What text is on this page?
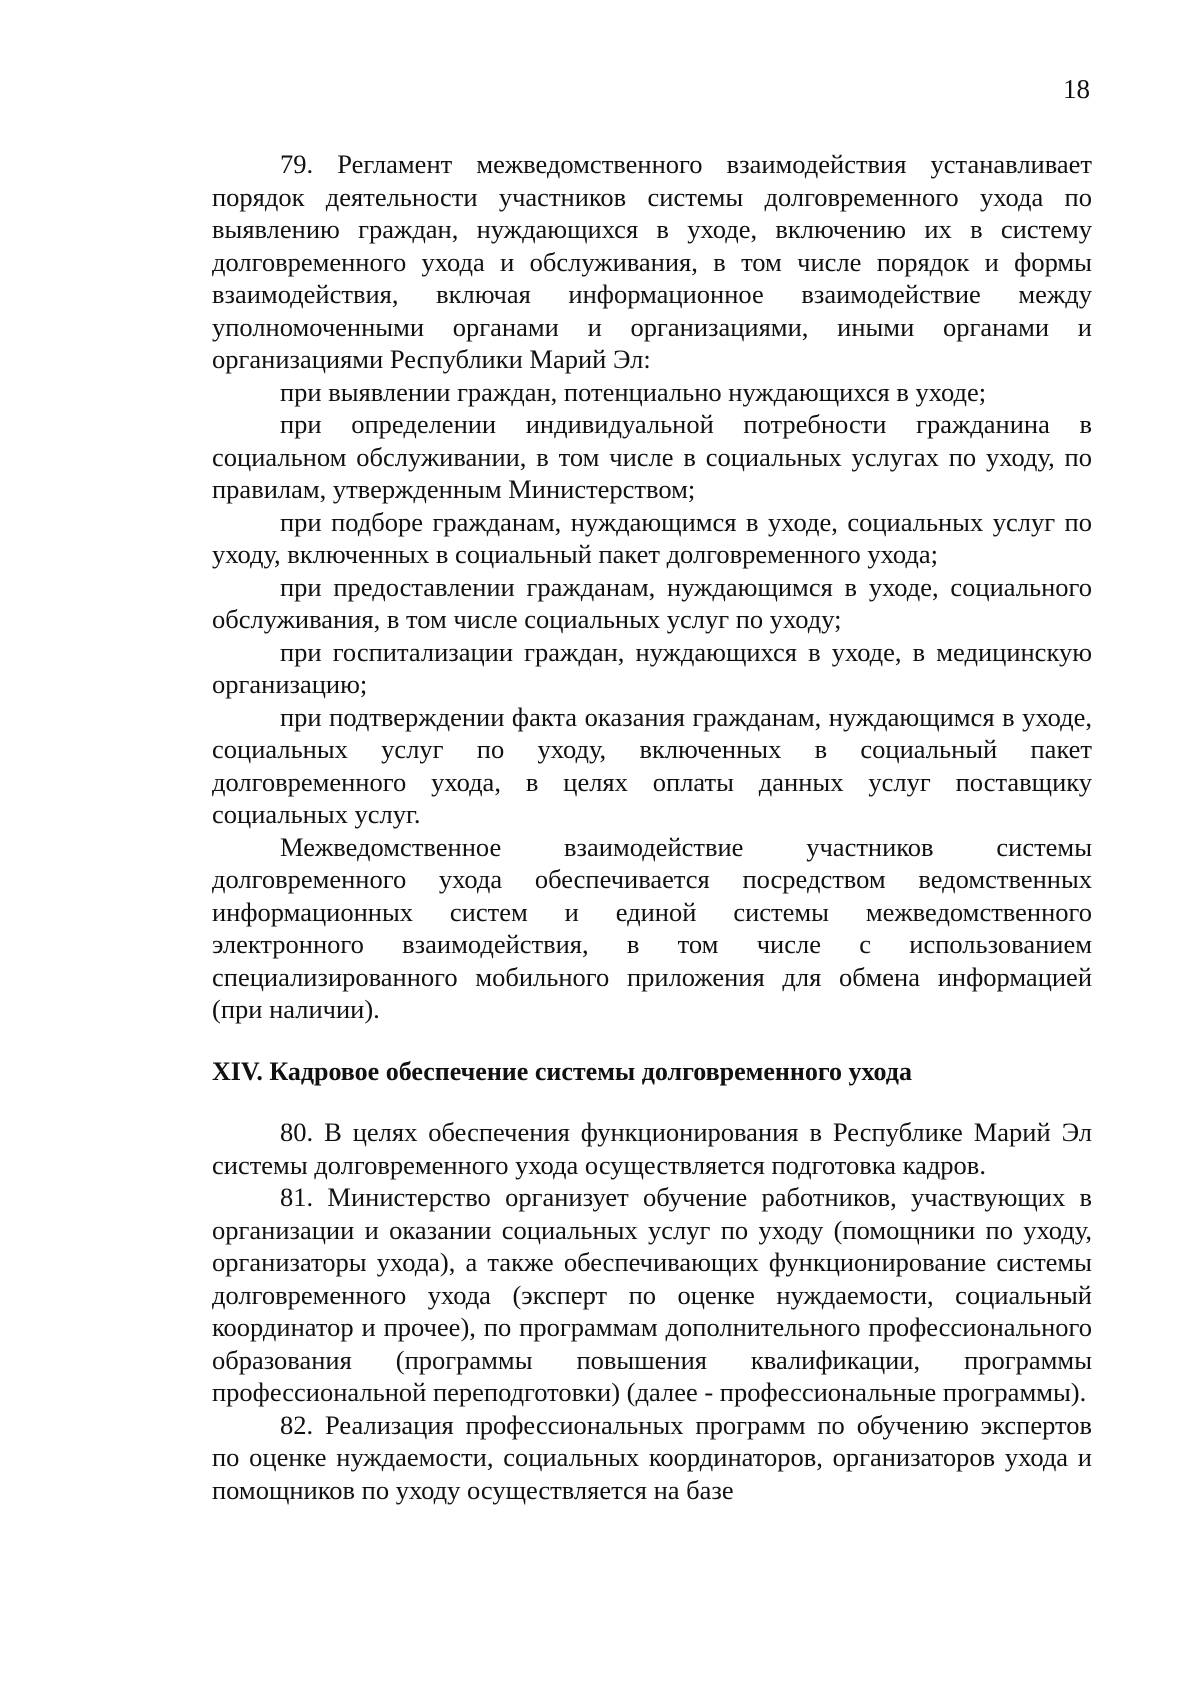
18

79. Регламент межведомственного взаимодействия устанавливает порядок деятельности участников системы долговременного ухода по выявлению граждан, нуждающихся в уходе, включению их в систему долговременного ухода и обслуживания, в том числе порядок и формы взаимодействия, включая информационное взаимодействие между уполномоченными органами и организациями, иными органами и организациями Республики Марий Эл:

при выявлении граждан, потенциально нуждающихся в уходе;

при определении индивидуальной потребности гражданина в социальном обслуживании, в том числе в социальных услугах по уходу, по правилам, утвержденным Министерством;

при подборе гражданам, нуждающимся в уходе, социальных услуг по уходу, включенных в социальный пакет долговременного ухода;

при предоставлении гражданам, нуждающимся в уходе, социального обслуживания, в том числе социальных услуг по уходу;

при госпитализации граждан, нуждающихся в уходе, в медицинскую организацию;

при подтверждении факта оказания гражданам, нуждающимся в уходе, социальных услуг по уходу, включенных в социальный пакет долговременного ухода, в целях оплаты данных услуг поставщику социальных услуг.

Межведомственное взаимодействие участников системы долговременного ухода обеспечивается посредством ведомственных информационных систем и единой системы межведомственного электронного взаимодействия, в том числе с использованием специализированного мобильного приложения для обмена информацией (при наличии).

XIV. Кадровое обеспечение системы долговременного ухода

80. В целях обеспечения функционирования в Республике Марий Эл системы долговременного ухода осуществляется подготовка кадров.

81. Министерство организует обучение работников, участвующих в организации и оказании социальных услуг по уходу (помощники по уходу, организаторы ухода), а также обеспечивающих функционирование системы долговременного ухода (эксперт по оценке нуждаемости, социальный координатор и прочее), по программам дополнительного профессионального образования (программы повышения квалификации, программы профессиональной переподготовки) (далее - профессиональные программы).

82. Реализация профессиональных программ по обучению экспертов по оценке нуждаемости, социальных координаторов, организаторов ухода и помощников по уходу осуществляется на базе
